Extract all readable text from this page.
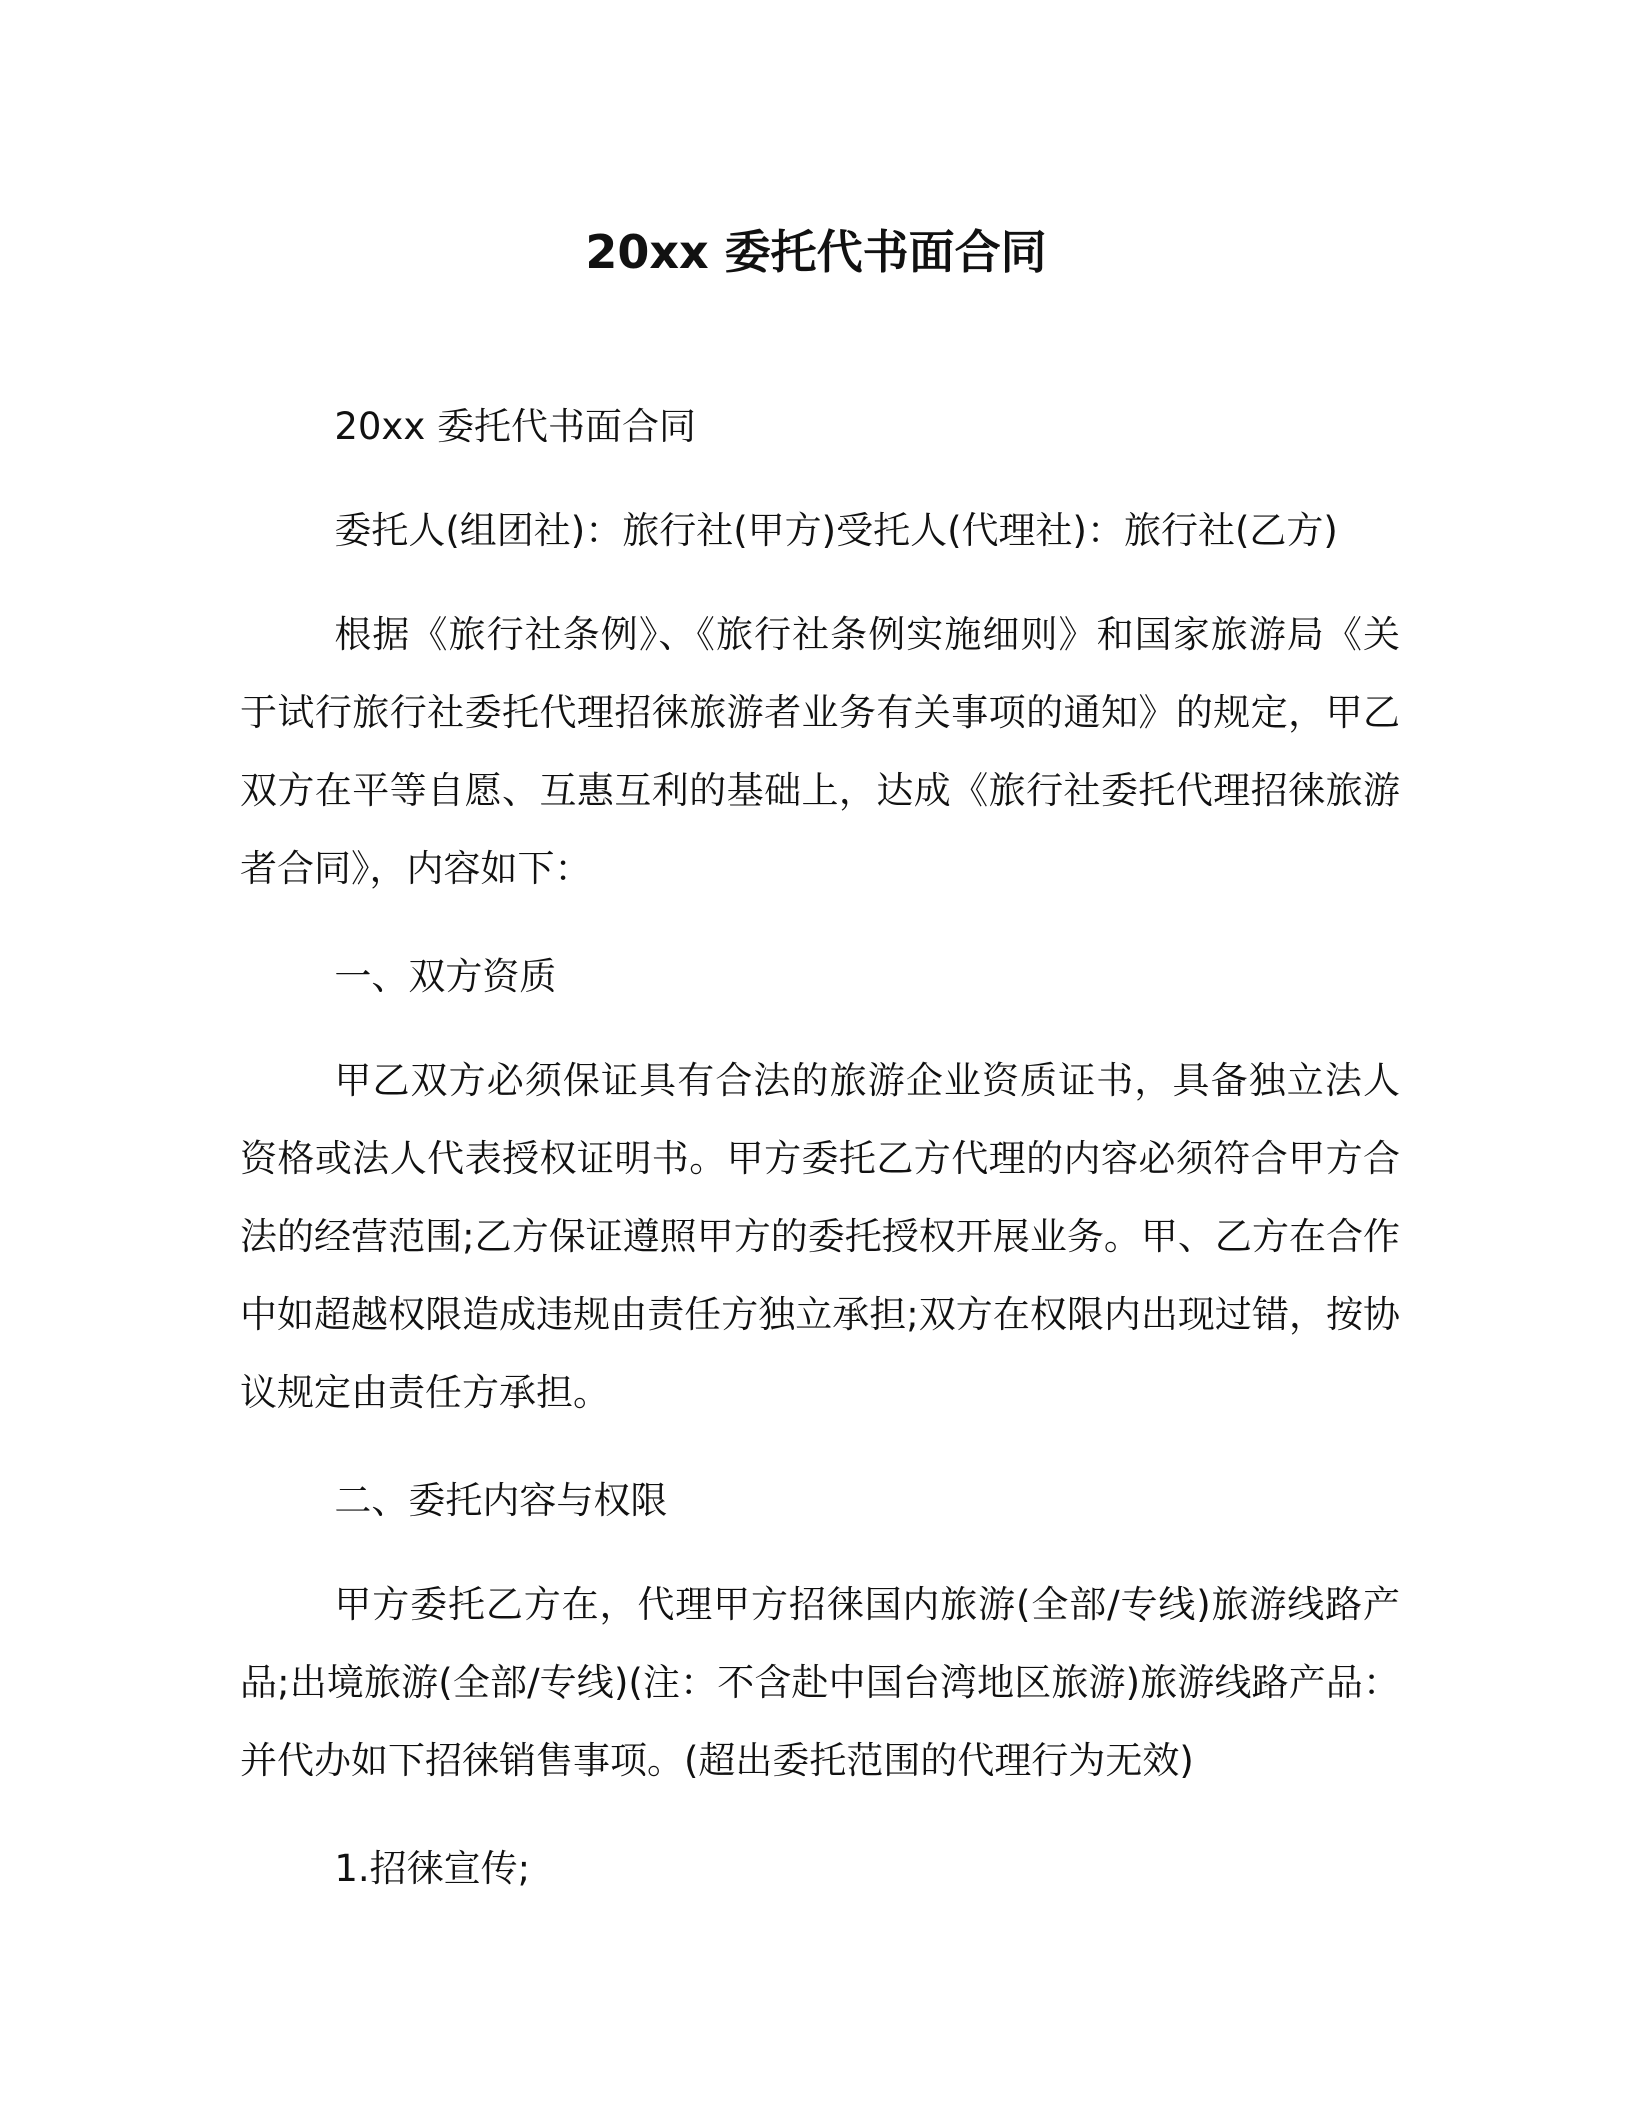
20xx 委托代书面合同

20xx 委托代书面合同

委托人(组团社)：旅行社(甲方)受托人(代理社)：旅行社(乙方)

根据《旅行社条例》、《旅行社条例实施细则》和国家旅游局《关于试行旅行社委托代理招徕旅游者业务有关事项的通知》的规定，甲乙双方在平等自愿、互惠互利的基础上，达成《旅行社委托代理招徕旅游者合同》，内容如下：

一、双方资质

甲乙双方必须保证具有合法的旅游企业资质证书，具备独立法人资格或法人代表授权证明书。甲方委托乙方代理的内容必须符合甲方合法的经营范围;乙方保证遵照甲方的委托授权开展业务。甲、乙方在合作中如超越权限造成违规由责任方独立承担;双方在权限内出现过错，按协议规定由责任方承担。

二、委托内容与权限

甲方委托乙方在，代理甲方招徕国内旅游(全部/专线)旅游线路产品;出境旅游(全部/专线)(注：不含赴中国台湾地区旅游)旅游线路产品：并代办如下招徕销售事项。(超出委托范围的代理行为无效)

1.招徕宣传;
